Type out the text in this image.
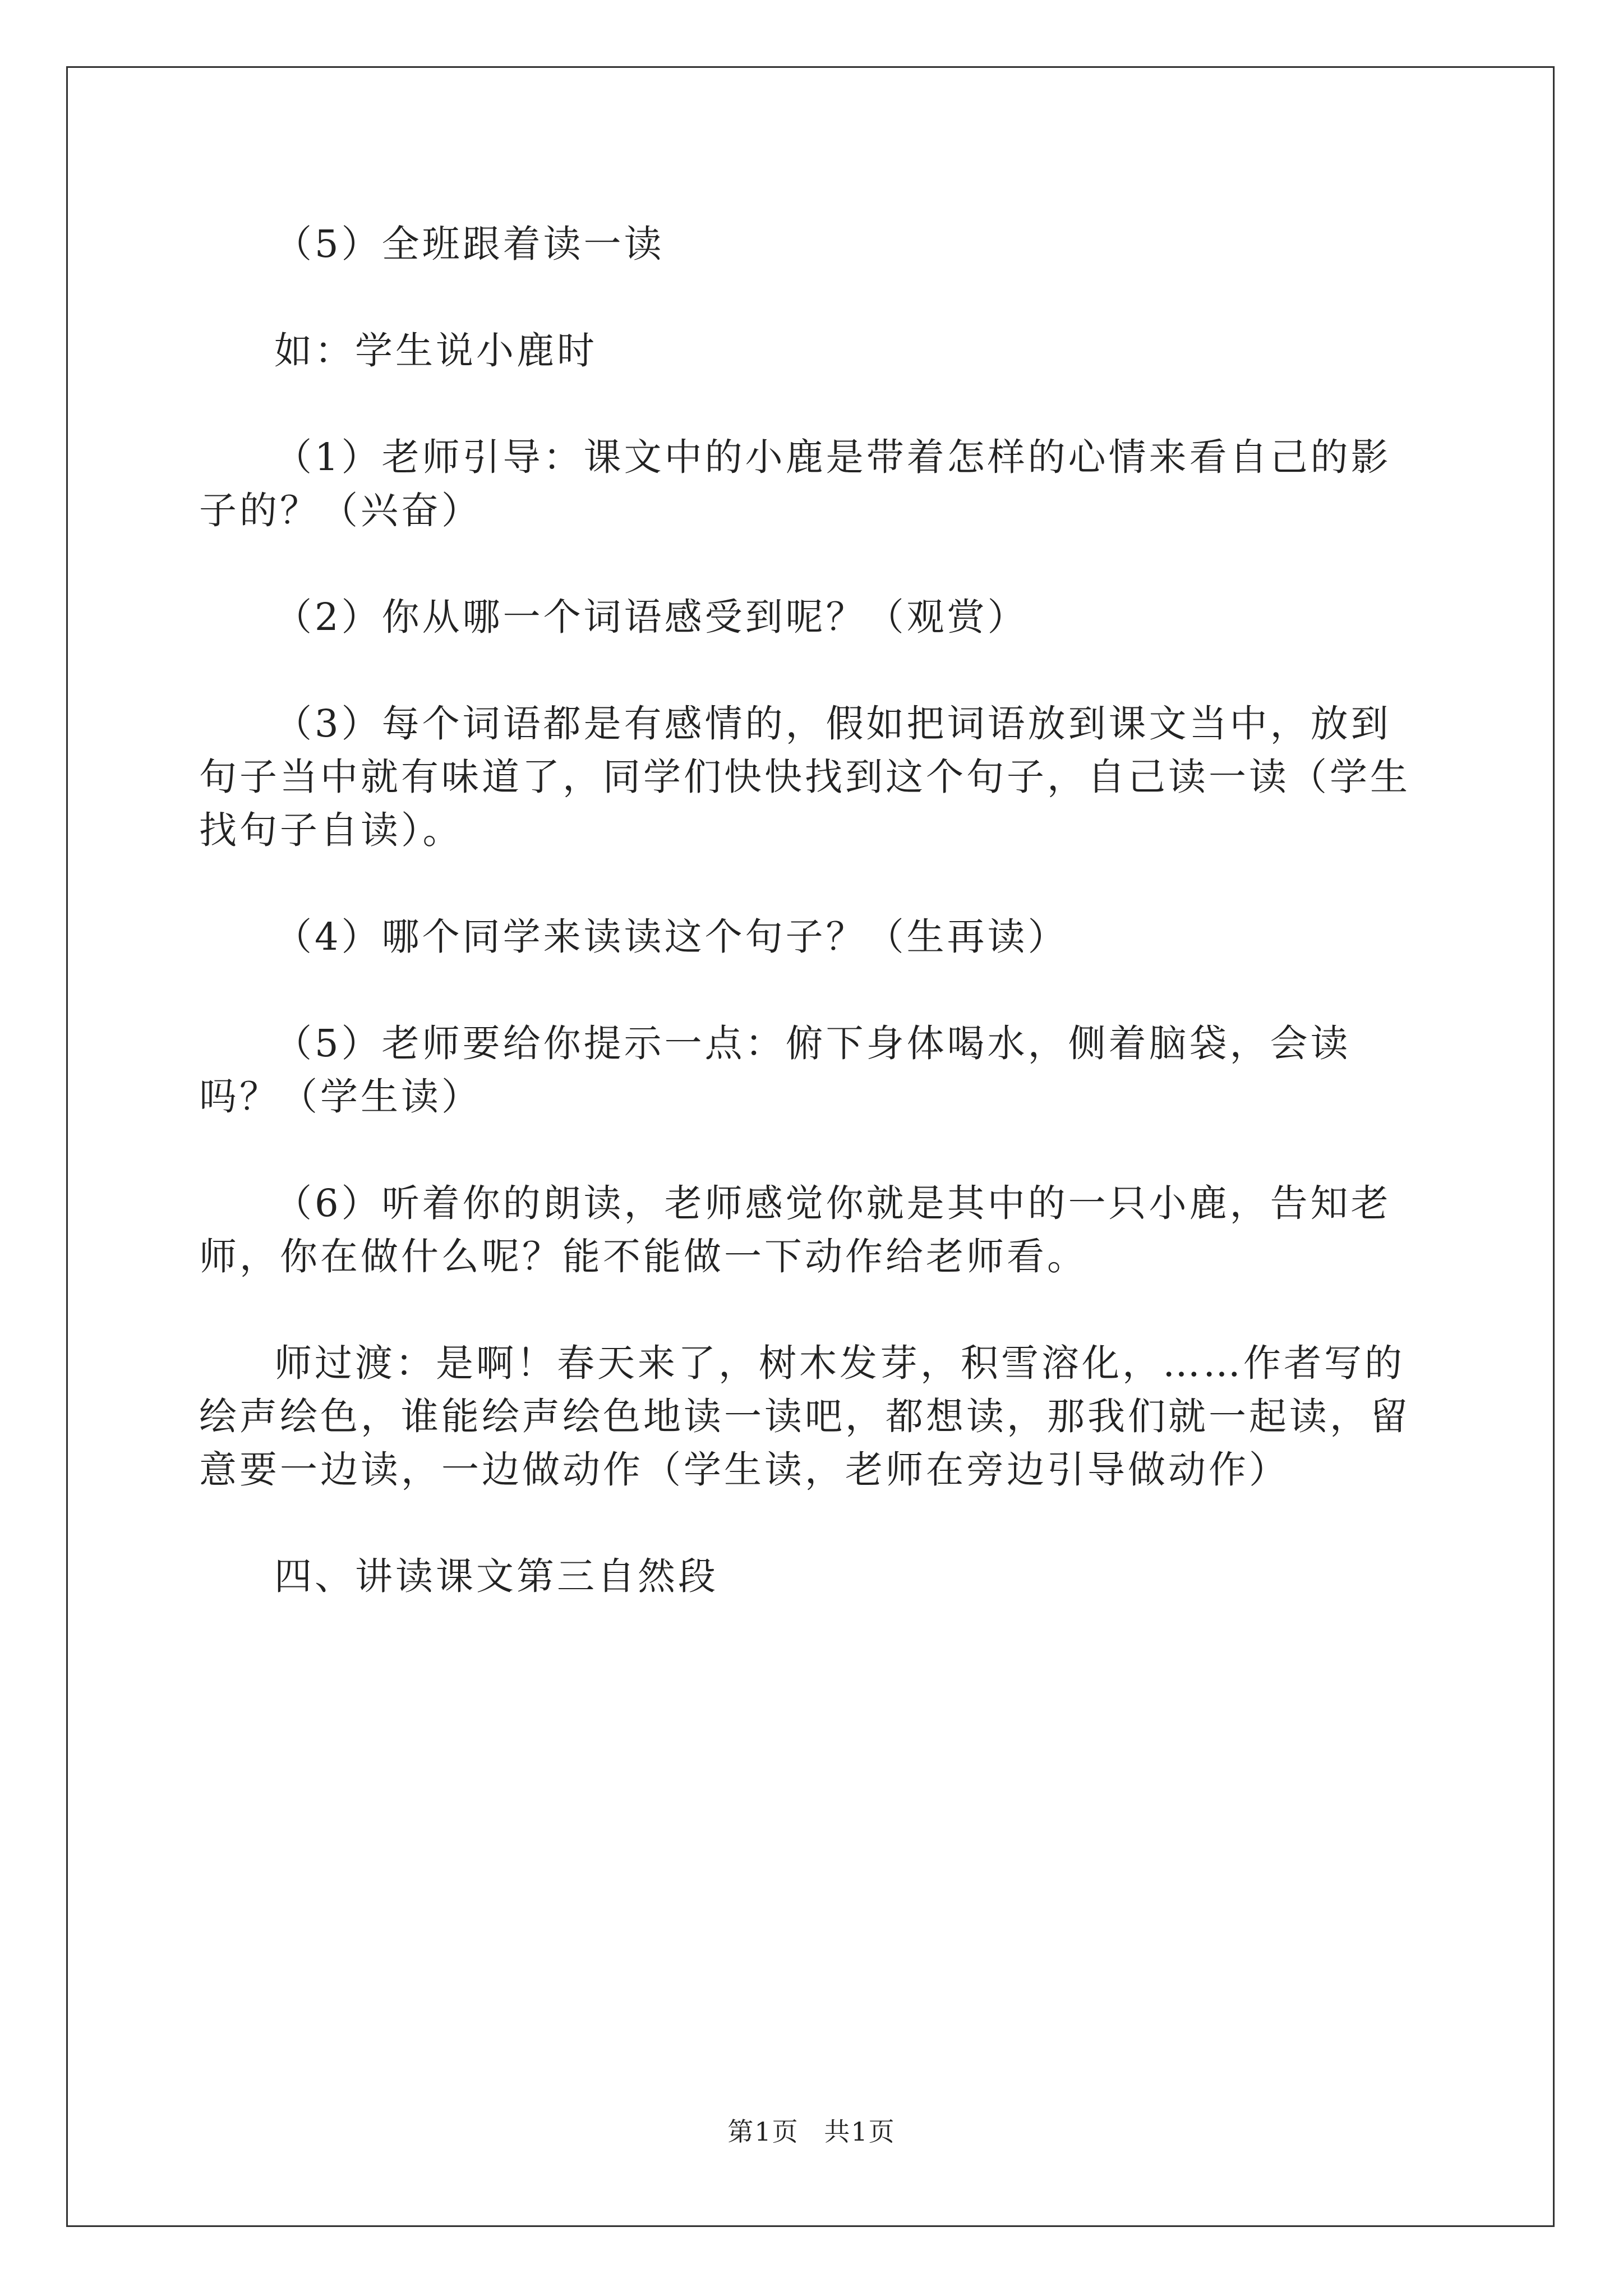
（5）全班跟着读一读

如：学生说小鹿时

（1）老师引导：课文中的小鹿是带着怎样的心情来看自己的影子的？（兴奋）

（2）你从哪一个词语感受到呢？（观赏）

（3）每个词语都是有感情的，假如把词语放到课文当中，放到句子当中就有味道了，同学们快快找到这个句子，自己读一读（学生找句子自读）。

（4）哪个同学来读读这个句子？（生再读）

（5）老师要给你提示一点：俯下身体喝水，侧着脑袋，会读吗？（学生读）

（6）听着你的朗读，老师感觉你就是其中的一只小鹿，告知老师，你在做什么呢？能不能做一下动作给老师看。

师过渡：是啊！春天来了，树木发芽，积雪溶化，……作者写的绘声绘色，谁能绘声绘色地读一读吧，都想读，那我们就一起读，留意要一边读，一边做动作（学生读，老师在旁边引导做动作）

四、讲读课文第三自然段

第1页 共1页
